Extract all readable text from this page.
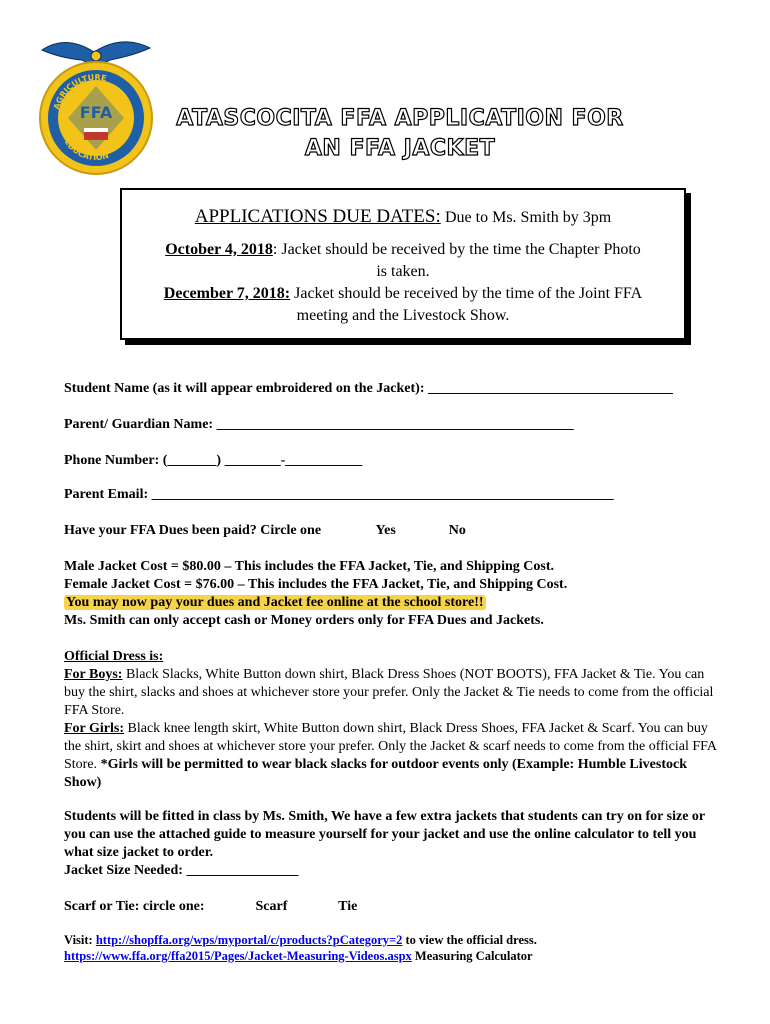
AGRICULTURE
EDUCATION
FFA	ATASCOCITA FFA APPLICATION FOR
AN FFA JACKET
APPLICATIONS DUE DATES: Due to Ms. Smith by 3pm
October 4, 2018: Jacket should be received by the time the Chapter Photo
is taken.
December 7, 2018: Jacket should be received by the time of the Joint FFA
meeting and the Livestock Show.
Student Name (as it will appear embroidered on the Jacket): ___________________________________
Parent/ Guardian Name: ___________________________________________________
Phone Number: (_______) ________-___________
Parent Email: __________________________________________________________________
Have your FFA Dues been paid? Circle one	Yes	No
Male Jacket Cost = $80.00 – This includes the FFA Jacket, Tie, and Shipping Cost.
Female Jacket Cost = $76.00 – This includes the FFA Jacket, Tie, and Shipping Cost.
You may now pay your dues and Jacket fee online at the school store!!
Ms. Smith can only accept cash or Money orders only for FFA Dues and Jackets.
Official Dress is:
For Boys: Black Slacks, White Button down shirt, Black Dress Shoes (NOT BOOTS), FFA Jacket & Tie. You can buy the shirt, slacks and shoes at whichever store your prefer. Only the Jacket & Tie needs to come from the official FFA Store.
For Girls: Black knee length skirt, White Button down shirt, Black Dress Shoes, FFA Jacket & Scarf. You can buy the shirt, skirt and shoes at whichever store your prefer. Only the Jacket & scarf needs to come from the official FFA Store. *Girls will be permitted to wear black slacks for outdoor events only (Example: Humble Livestock Show)
Students will be fitted in class by Ms. Smith, We have a few extra jackets that students can try on for size or you can use the attached guide to measure yourself for your jacket and use the online calculator to tell you what size jacket to order.
Jacket Size Needed: ________________
Scarf or Tie: circle one:	Scarf	Tie
Visit: http://shopffa.org/wps/myportal/c/products?pCategory=2 to view the official dress.
https://www.ffa.org/ffa2015/Pages/Jacket-Measuring-Videos.aspx Measuring Calculator
